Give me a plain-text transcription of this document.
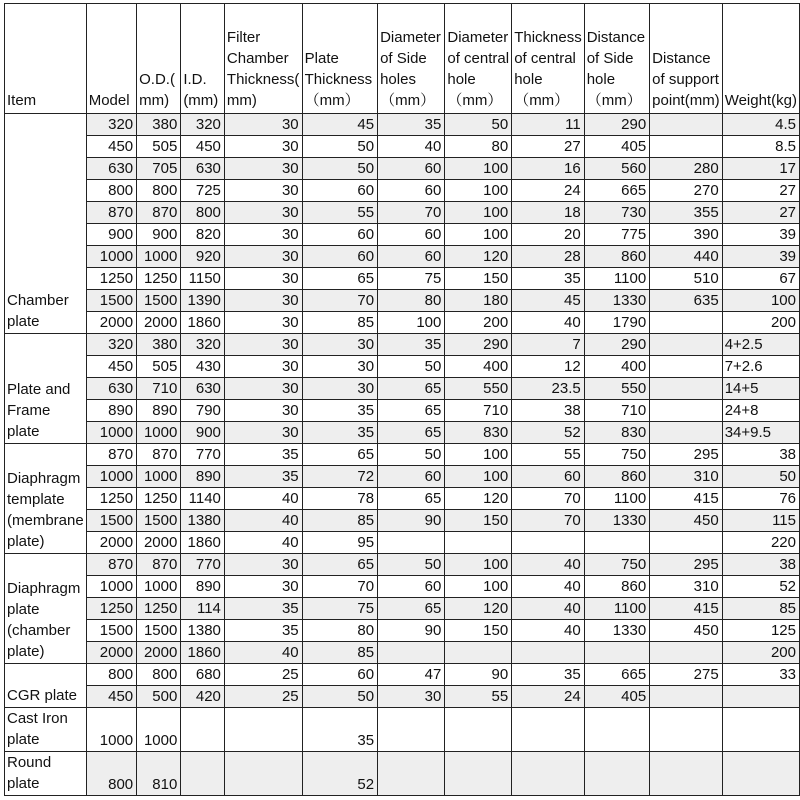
Item	Model	O.D.( mm)	I.D. (mm)	Filter Chamber Thickness( mm)	Plate Thickness （mm）	Diameter of Side holes （mm）	Diameter of central hole （mm）	Thickness of central hole （mm）	Distance of Side hole （mm）	Distance of support point(mm)	Weight(kg)
Chamber plate	320	380	320	30	45	35	50	11	290		4.5
	450	505	450	30	50	40	80	27	405		8.5
	630	705	630	30	50	60	100	16	560	280	17
	800	800	725	30	60	60	100	24	665	270	27
	870	870	800	30	55	70	100	18	730	355	27
	900	900	820	30	60	60	100	20	775	390	39
	1000	1000	920	30	60	60	120	28	860	440	39
	1250	1250	1150	30	65	75	150	35	1100	510	67
	1500	1500	1390	30	70	80	180	45	1330	635	100
	2000	2000	1860	30	85	100	200	40	1790		200
Plate and Frame plate	320	380	320	30	30	35	290	7	290		4+2.5
	450	505	430	30	30	50	400	12	400		7+2.6
	630	710	630	30	30	65	550	23.5	550		14+5
	890	890	790	30	35	65	710	38	710		24+8
	1000	1000	900	30	35	65	830	52	830		34+9.5
Diaphragm template (membrane plate)	870	870	770	35	65	50	100	55	750	295	38
	1000	1000	890	35	72	60	100	60	860	310	50
	1250	1250	1140	40	78	65	120	70	1100	415	76
	1500	1500	1380	40	85	90	150	70	1330	450	115
	2000	2000	1860	40	95						220
Diaphragm plate (chamber plate)	870	870	770	30	65	50	100	40	750	295	38
	1000	1000	890	30	70	60	100	40	860	310	52
	1250	1250	114	35	75	65	120	40	1100	415	85
	1500	1500	1380	35	80	90	150	40	1330	450	125
	2000	2000	1860	40	85						200
CGR plate	800	800	680	25	60	47	90	35	665	275	33
	450	500	420	25	50	30	55	24	405		
Cast Iron plate	1000	1000			35						
Round plate	800	810			52						
